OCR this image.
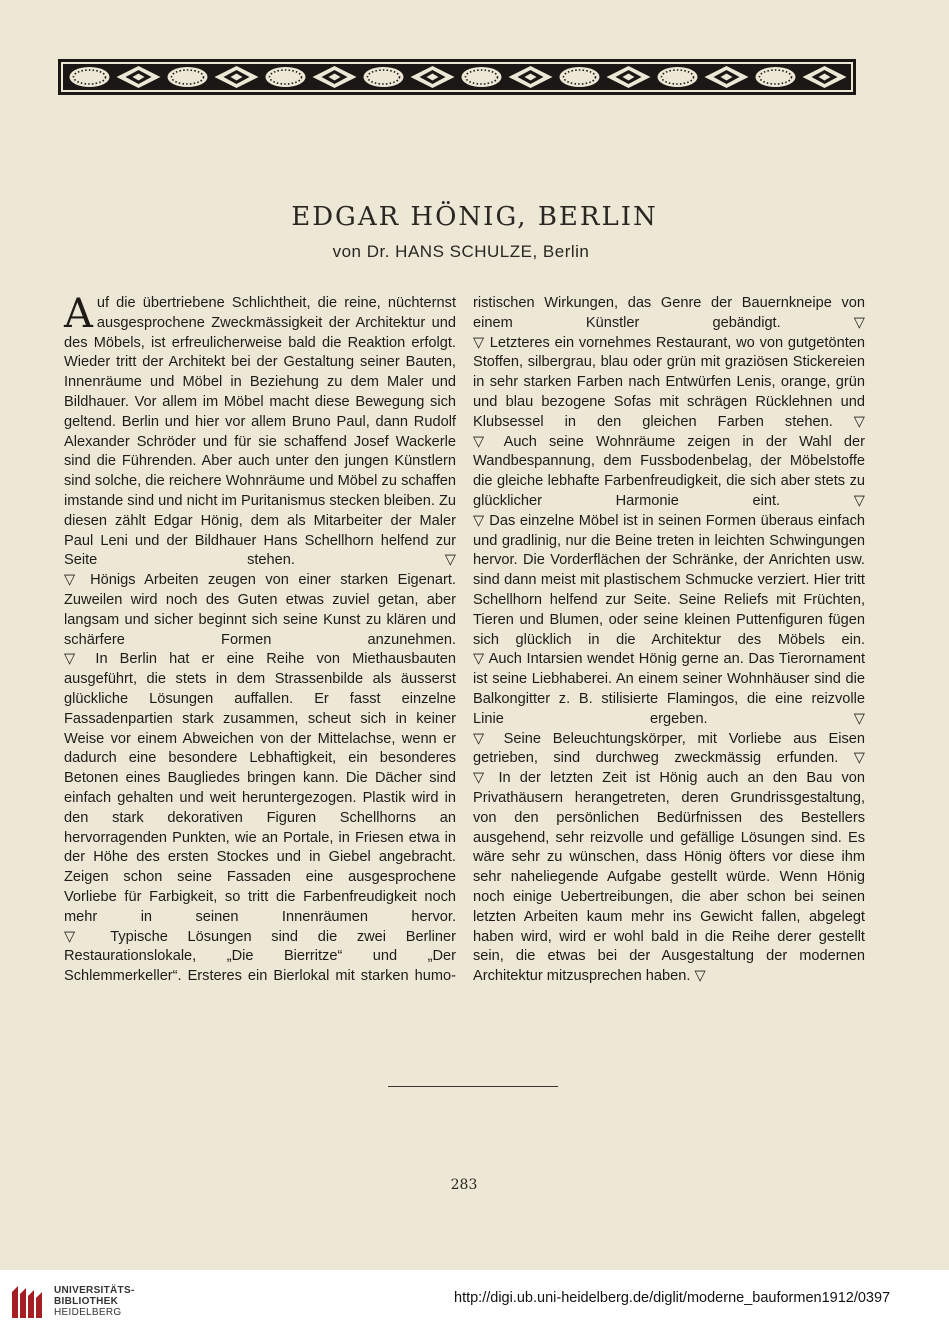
EDGAR HÖNIG, BERLIN
von Dr. HANS SCHULZE, Berlin

A uf die übertriebene Schlichtheit, die reine, nüchternst ausgesprochene Zweckmässigkeit der Architektur und des Möbels, ist erfreulicherweise bald die Reaktion erfolgt. Wieder tritt der Architekt bei der Gestaltung seiner Bauten, Innenräume und Möbel in Beziehung zu dem Maler und Bildhauer. Vor allem im Möbel macht diese Bewegung sich geltend. Berlin und hier vor allem Bruno Paul, dann Rudolf Alexander Schröder und für sie schaffend Josef Wackerle sind die Führenden. Aber auch unter den jungen Künstlern sind solche, die reichere Wohnräume und Möbel zu schaffen imstande sind und nicht im Puritanismus stecken bleiben. Zu diesen zählt Edgar Hönig, dem als Mitarbeiter der Maler Paul Leni und der Bildhauer Hans Schellhorn helfend zur Seite stehen. ▽

▽ Hönigs Arbeiten zeugen von einer starken Eigenart. Zuweilen wird noch des Guten etwas zuviel getan, aber langsam und sicher beginnt sich seine Kunst zu klären und schärfere Formen anzunehmen.

▽ In Berlin hat er eine Reihe von Miethausbauten ausgeführt, die stets in dem Strassenbilde als äusserst glückliche Lösungen auffallen. Er fasst einzelne Fassadenpartien stark zusammen, scheut sich in keiner Weise vor einem Abweichen von der Mittelachse, wenn er dadurch eine besondere Lebhaftigkeit, ein besonderes Betonen eines Baugliedes bringen kann. Die Dächer sind einfach gehalten und weit heruntergezogen. Plastik wird in den stark dekorativen Figuren Schellhorns an hervorragenden Punkten, wie an Portale, in Friesen etwa in der Höhe des ersten Stockes und in Giebel angebracht. Zeigen schon seine Fassaden eine ausgesprochene Vorliebe für Farbigkeit, so tritt die Farbenfreudigkeit noch mehr in seinen Innenräumen hervor.

▽ Typische Lösungen sind die zwei Berliner Restaurationslokale, „Die Bierritze“ und „Der Schlemmerkeller“. Ersteres ein Bierlokal mit starken humo-

ristischen Wirkungen, das Genre der Bauernkneipe von einem Künstler gebändigt. ▽

▽ Letzteres ein vornehmes Restaurant, wo von gutgetönten Stoffen, silbergrau, blau oder grün mit graziösen Stickereien in sehr starken Farben nach Entwürfen Lenis, orange, grün und blau bezogene Sofas mit schrägen Rücklehnen und Klubsessel in den gleichen Farben stehen. ▽

▽ Auch seine Wohnräume zeigen in der Wahl der Wandbespannung, dem Fussbodenbelag, der Möbelstoffe die gleiche lebhafte Farbenfreudigkeit, die sich aber stets zu glücklicher Harmonie eint. ▽

▽ Das einzelne Möbel ist in seinen Formen überaus einfach und gradlinig, nur die Beine treten in leichten Schwingungen hervor. Die Vorderflächen der Schränke, der Anrichten usw. sind dann meist mit plastischem Schmucke verziert. Hier tritt Schellhorn helfend zur Seite. Seine Reliefs mit Früchten, Tieren und Blumen, oder seine kleinen Puttenfiguren fügen sich glücklich in die Architektur des Möbels ein.

▽ Auch Intarsien wendet Hönig gerne an. Das Tierornament ist seine Liebhaberei. An einem seiner Wohnhäuser sind die Balkongitter z. B. stilisierte Flamingos, die eine reizvolle Linie ergeben. ▽

▽ Seine Beleuchtungskörper, mit Vorliebe aus Eisen getrieben, sind durchweg zweckmässig erfunden. ▽

▽ In der letzten Zeit ist Hönig auch an den Bau von Privathäusern herangetreten, deren Grundrissgestaltung, von den persönlichen Bedürfnissen des Bestellers ausgehend, sehr reizvolle und gefällige Lösungen sind. Es wäre sehr zu wünschen, dass Hönig öfters vor diese ihm sehr naheliegende Aufgabe gestellt würde. Wenn Hönig noch einige Uebertreibungen, die aber schon bei seinen letzten Arbeiten kaum mehr ins Gewicht fallen, abgelegt haben wird, wird er wohl bald in die Reihe derer gestellt sein, die etwas bei der Ausgestaltung der modernen Architektur mitzusprechen haben. ▽

283
UNIVERSITÄTS-
BIBLIOTHEK
HEIDELBERG
http://digi.ub.uni-heidelberg.de/diglit/moderne_bauformen1912/0397
